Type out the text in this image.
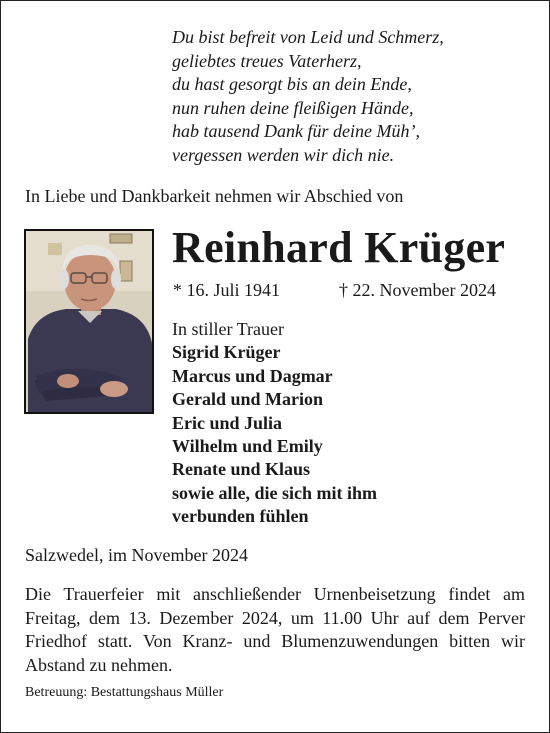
Du bist befreit von Leid und Schmerz,
geliebtes treues Vaterherz,
du hast gesorgt bis an dein Ende,
nun ruhen deine fleißigen Hände,
hab tausend Dank für deine Müh’,
vergessen werden wir dich nie.
In Liebe und Dankbarkeit nehmen wir Abschied von
Reinhard Krüger
* 16. Juli 1941	† 22. November 2024
In stiller Trauer
Sigrid Krüger
Marcus und Dagmar
Gerald und Marion
Eric und Julia
Wilhelm und Emily
Renate und Klaus
sowie alle, die sich mit ihm
verbunden fühlen
Salzwedel, im November 2024
Die Trauerfeier mit anschließender Urnenbeisetzung findet am Freitag, dem 13. Dezember 2024, um 11.00 Uhr auf dem Perver Friedhof statt. Von Kranz- und Blumenzuwendungen bitten wir Abstand zu nehmen.
Betreuung: Bestattungshaus Müller
